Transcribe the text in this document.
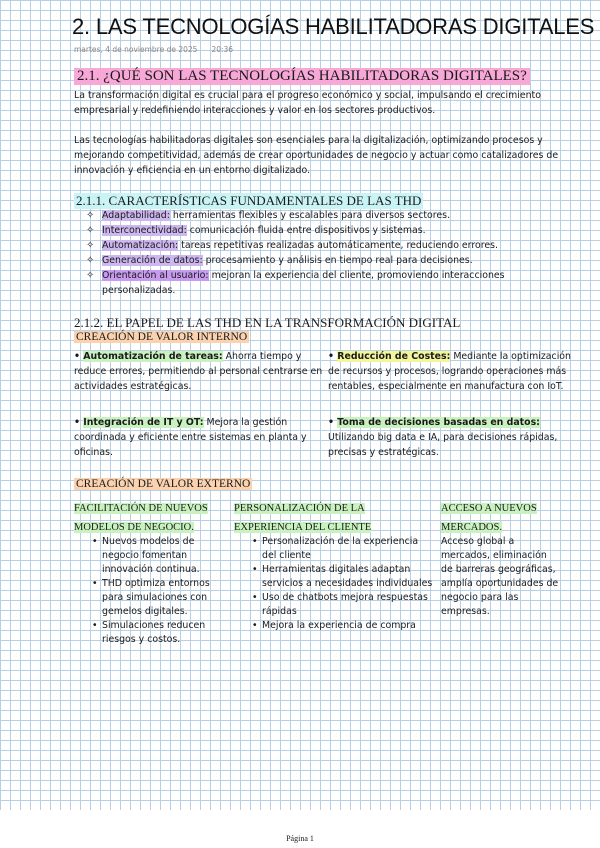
2. LAS TECNOLOGÍAS HABILITADORAS DIGITALES
martes, 4 de noviembre de 2025 20:36
2.1. ¿QUÉ SON LAS TECNOLOGÍAS HABILITADORAS DIGITALES?
La transformación digital es crucial para el progreso económico y social, impulsando el crecimiento empresarial y redefiniendo interacciones y valor en los sectores productivos.
Las tecnologías habilitadoras digitales son esenciales para la digitalización, optimizando procesos y mejorando competitividad, además de crear oportunidades de negocio y actuar como catalizadores de innovación y eficiencia en un entorno digitalizado.
2.1.1. CARACTERÍSTICAS FUNDAMENTALES DE LAS THD
✧ Adaptabilidad: herramientas flexibles y escalables para diversos sectores.
✧ Interconectividad: comunicación fluida entre dispositivos y sistemas.
✧ Automatización: tareas repetitivas realizadas automáticamente, reduciendo errores.
✧ Generación de datos: procesamiento y análisis en tiempo real para decisiones.
✧ Orientación al usuario: mejoran la experiencia del cliente, promoviendo interacciones personalizadas.
2.1.2. EL PAPEL DE LAS THD EN LA TRANSFORMACIÓN DIGITAL
CREACIÓN DE VALOR INTERNO
• Automatización de tareas: Ahorra tiempo y reduce errores, permitiendo al personal centrarse en actividades estratégicas.
• Reducción de Costes: Mediante la optimización de recursos y procesos, logrando operaciones más rentables, especialmente en manufactura con IoT.
• Integración de IT y OT: Mejora la gestión coordinada y eficiente entre sistemas en planta y oficinas.
• Toma de decisiones basadas en datos: Utilizando big data e IA, para decisiones rápidas, precisas y estratégicas.
CREACIÓN DE VALOR EXTERNO
FACILITACIÓN DE NUEVOS MODELOS DE NEGOCIO.
• Nuevos modelos de negocio fomentan innovación continua.
• THD optimiza entornos para simulaciones con gemelos digitales.
• Simulaciones reducen riesgos y costos.
PERSONALIZACIÓN DE LA EXPERIENCIA DEL CLIENTE
• Personalización de la experiencia del cliente
• Herramientas digitales adaptan servicios a necesidades individuales
• Uso de chatbots mejora respuestas rápidas
• Mejora la experiencia de compra
ACCESO A NUEVOS MERCADOS.
Acceso global a mercados, eliminación de barreras geográficas, amplía oportunidades de negocio para las empresas.
Página 1
